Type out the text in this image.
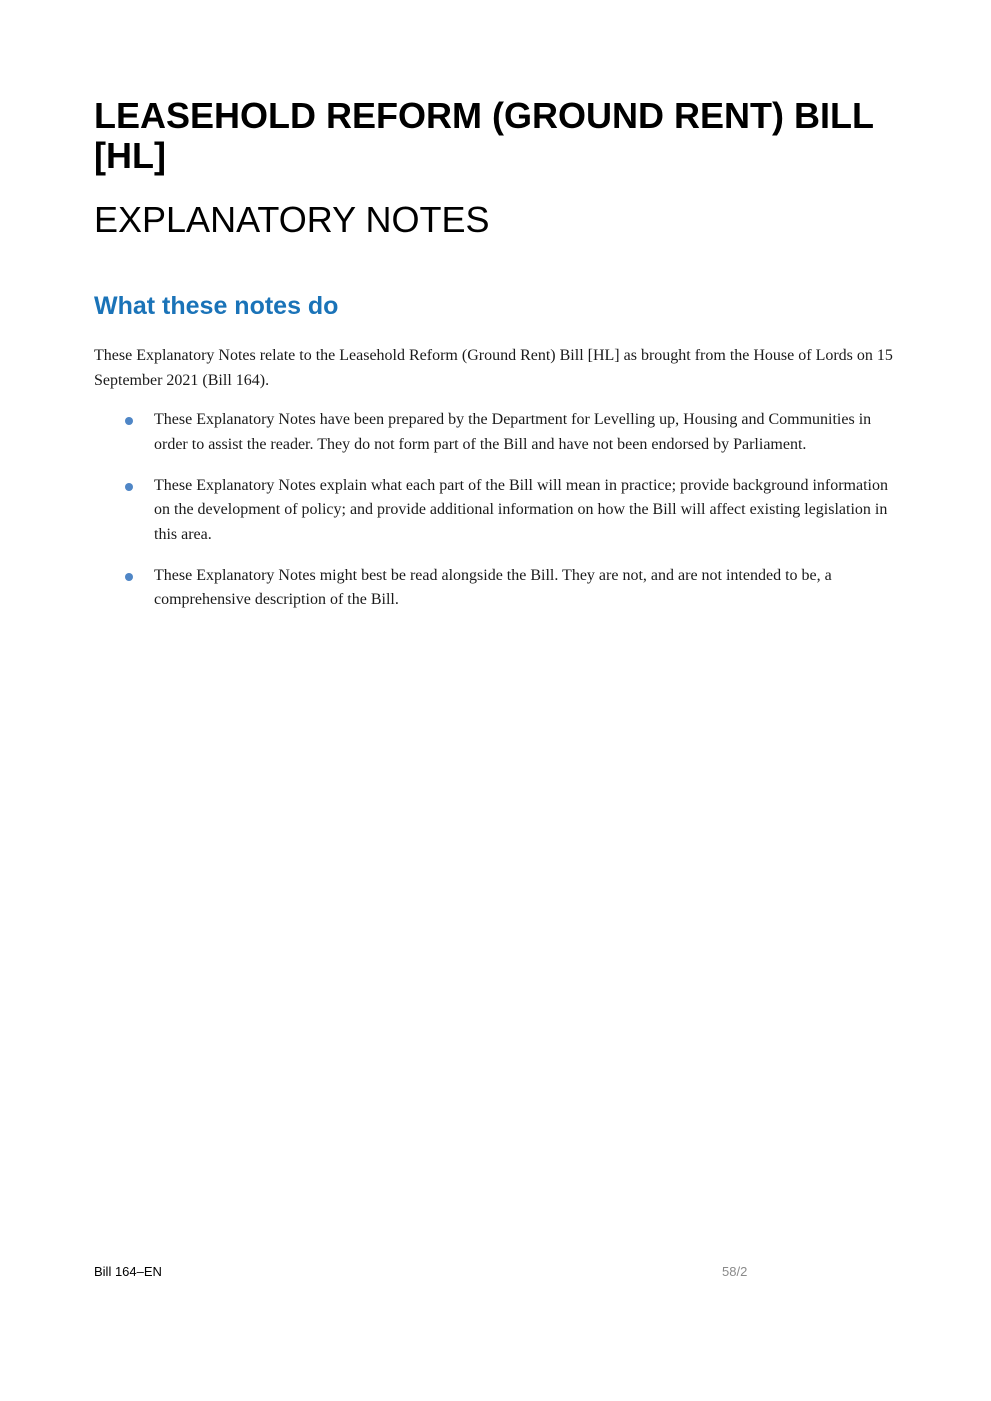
LEASEHOLD REFORM (GROUND RENT) BILL [HL]
EXPLANATORY NOTES
What these notes do

These Explanatory Notes relate to the Leasehold Reform (Ground Rent) Bill [HL] as brought from the House of Lords on 15 September 2021 (Bill 164).

These Explanatory Notes have been prepared by the Department for Levelling up, Housing and Communities in order to assist the reader. They do not form part of the Bill and have not been endorsed by Parliament.
These Explanatory Notes explain what each part of the Bill will mean in practice; provide background information on the development of policy; and provide additional information on how the Bill will affect existing legislation in this area.
These Explanatory Notes might best be read alongside the Bill. They are not, and are not intended to be, a comprehensive description of the Bill.
Bill 164–EN	58/2
